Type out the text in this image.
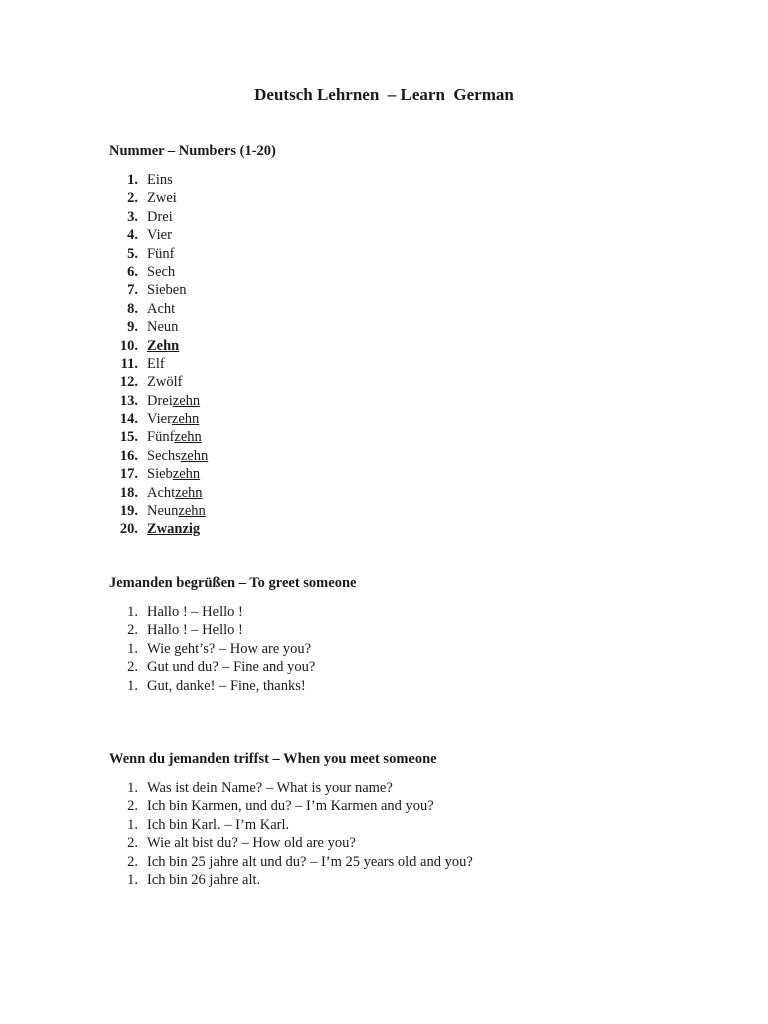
Deutsch Lehrnen  – Learn  German
Nummer – Numbers (1-20)
1. Eins
2. Zwei
3. Drei
4. Vier
5. Fünf
6. Sech
7. Sieben
8. Acht
9. Neun
10. Zehn
11. Elf
12. Zwölf
13. Dreizehn
14. Vierzehn
15. Fünfzehn
16. Sechszehn
17. Siebzehn
18. Achtzehn
19. Neunzehn
20. Zwanzig
Jemanden begrüßen – To greet someone
1. Hallo ! – Hello !
2. Hallo ! – Hello !
1. Wie geht’s? – How are you?
2. Gut und du? – Fine and you?
1. Gut, danke! – Fine, thanks!
Wenn du jemanden triffst – When you meet someone
1. Was ist dein Name? – What is your name?
2. Ich bin Karmen, und du? – I’m Karmen and you?
1. Ich bin Karl. – I’m Karl.
2. Wie alt bist du? – How old are you?
2. Ich bin 25 jahre alt und du? – I’m 25 years old and you?
1. Ich bin 26 jahre alt.
